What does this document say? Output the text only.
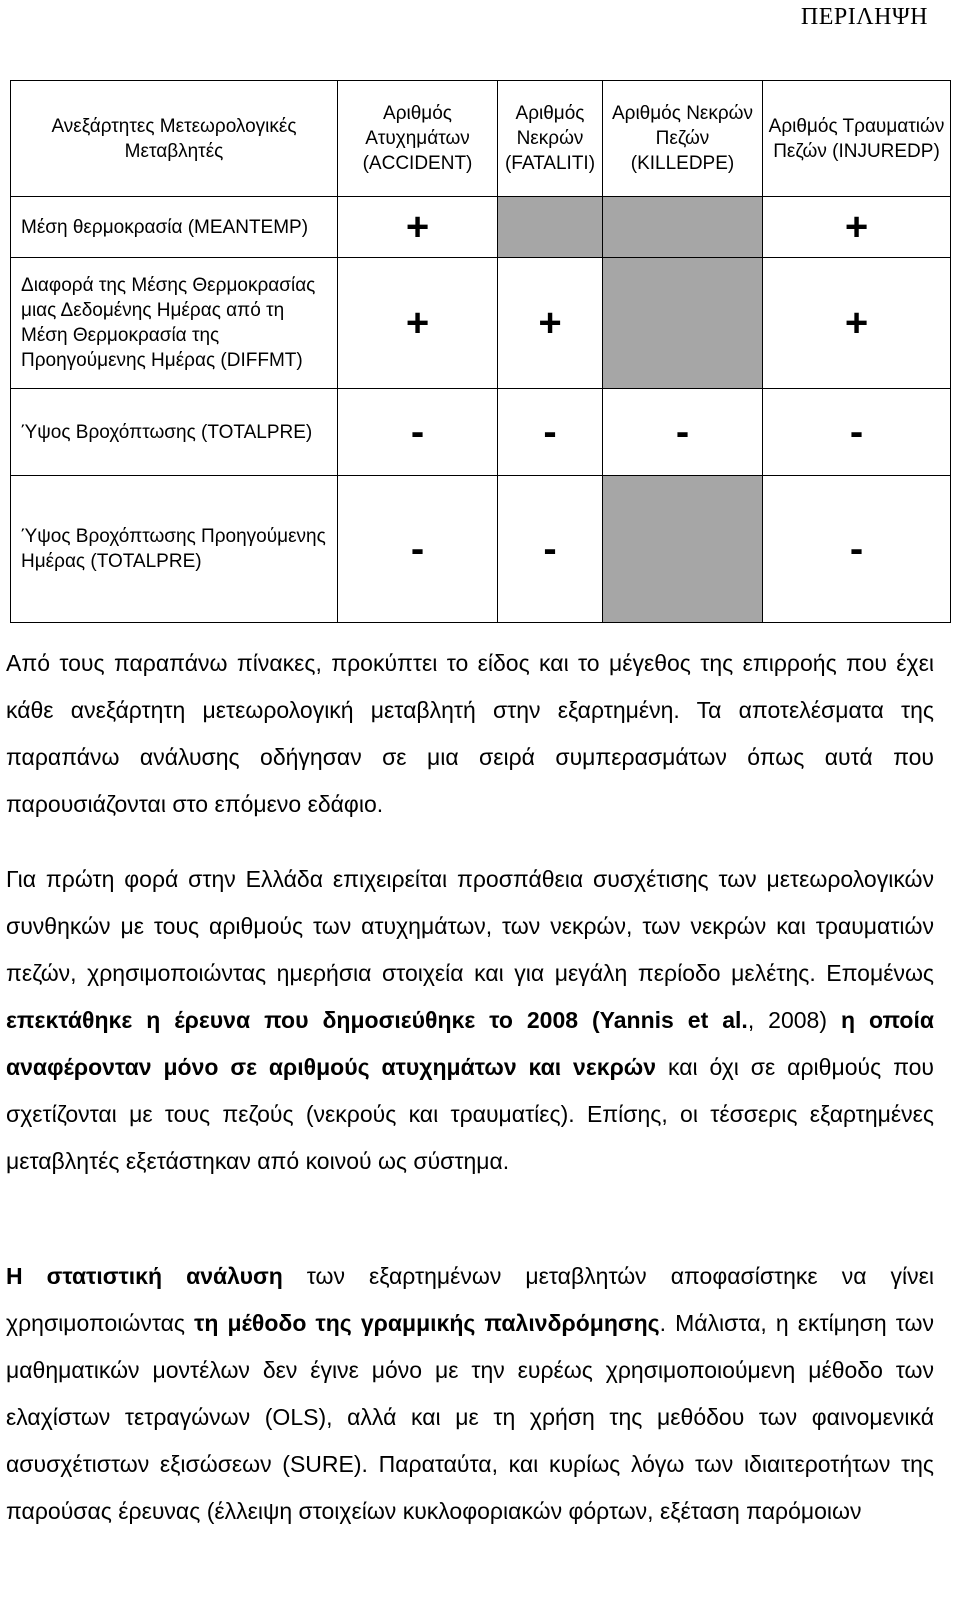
ΠΕΡΙΛΗΨΗ
Ανεξάρτητες Μετεωρολογικές Μεταβλητές	Αριθμός Ατυχημάτων (ACCIDENT)	Αριθμός Νεκρών (FATALITI)	Αριθμός Νεκρών Πεζών (KILLEDPE)	Αριθμός Τραυματιών Πεζών (INJUREDP)
Μέση θερμοκρασία (MEANTEMP)	+			+
Διαφορά της Μέσης Θερμοκρασίας μιας Δεδομένης Ημέρας από τη Μέση Θερμοκρασία της Προηγούμενης Ημέρας (DIFFMT)	+	+		+
Ύψος Βροχόπτωσης (TOTALPRE)	-	-	-	-
Ύψος Βροχόπτωσης Προηγούμενης Ημέρας (TOTALPRE)	-	-		-

Από τους παραπάνω πίνακες, προκύπτει το είδος και το μέγεθος της επιρροής που έχει κάθε ανεξάρτητη μετεωρολογική μεταβλητή στην εξαρτημένη. Τα αποτελέσματα της παραπάνω ανάλυσης οδήγησαν σε μια σειρά συμπερασμάτων όπως αυτά που παρουσιάζονται στο επόμενο εδάφιο.

Για πρώτη φορά στην Ελλάδα επιχειρείται προσπάθεια συσχέτισης των μετεωρολογικών συνθηκών με τους αριθμούς των ατυχημάτων, των νεκρών, των νεκρών και τραυματιών πεζών, χρησιμοποιώντας ημερήσια στοιχεία και για μεγάλη περίοδο μελέτης. Επομένως επεκτάθηκε η έρευνα που δημοσιεύθηκε το 2008 (Yannis et al., 2008) η οποία αναφέρονταν μόνο σε αριθμούς ατυχημάτων και νεκρών και όχι σε αριθμούς που σχετίζονται με τους πεζούς (νεκρούς και τραυματίες). Επίσης, οι τέσσερις εξαρτημένες μεταβλητές εξετάστηκαν από κοινού ως σύστημα.

Η στατιστική ανάλυση των εξαρτημένων μεταβλητών αποφασίστηκε να γίνει χρησιμοποιώντας τη μέθοδο της γραμμικής παλινδρόμησης. Μάλιστα, η εκτίμηση των μαθηματικών μοντέλων δεν έγινε μόνο με την ευρέως χρησιμοποιούμενη μέθοδο των ελαχίστων τετραγώνων (OLS), αλλά και με τη χρήση της μεθόδου των φαινομενικά ασυσχέτιστων εξισώσεων (SURE). Παραταύτα, και κυρίως λόγω των ιδιαιτεροτήτων της παρούσας έρευνας (έλλειψη στοιχείων κυκλοφοριακών φόρτων, εξέταση παρόμοιων
